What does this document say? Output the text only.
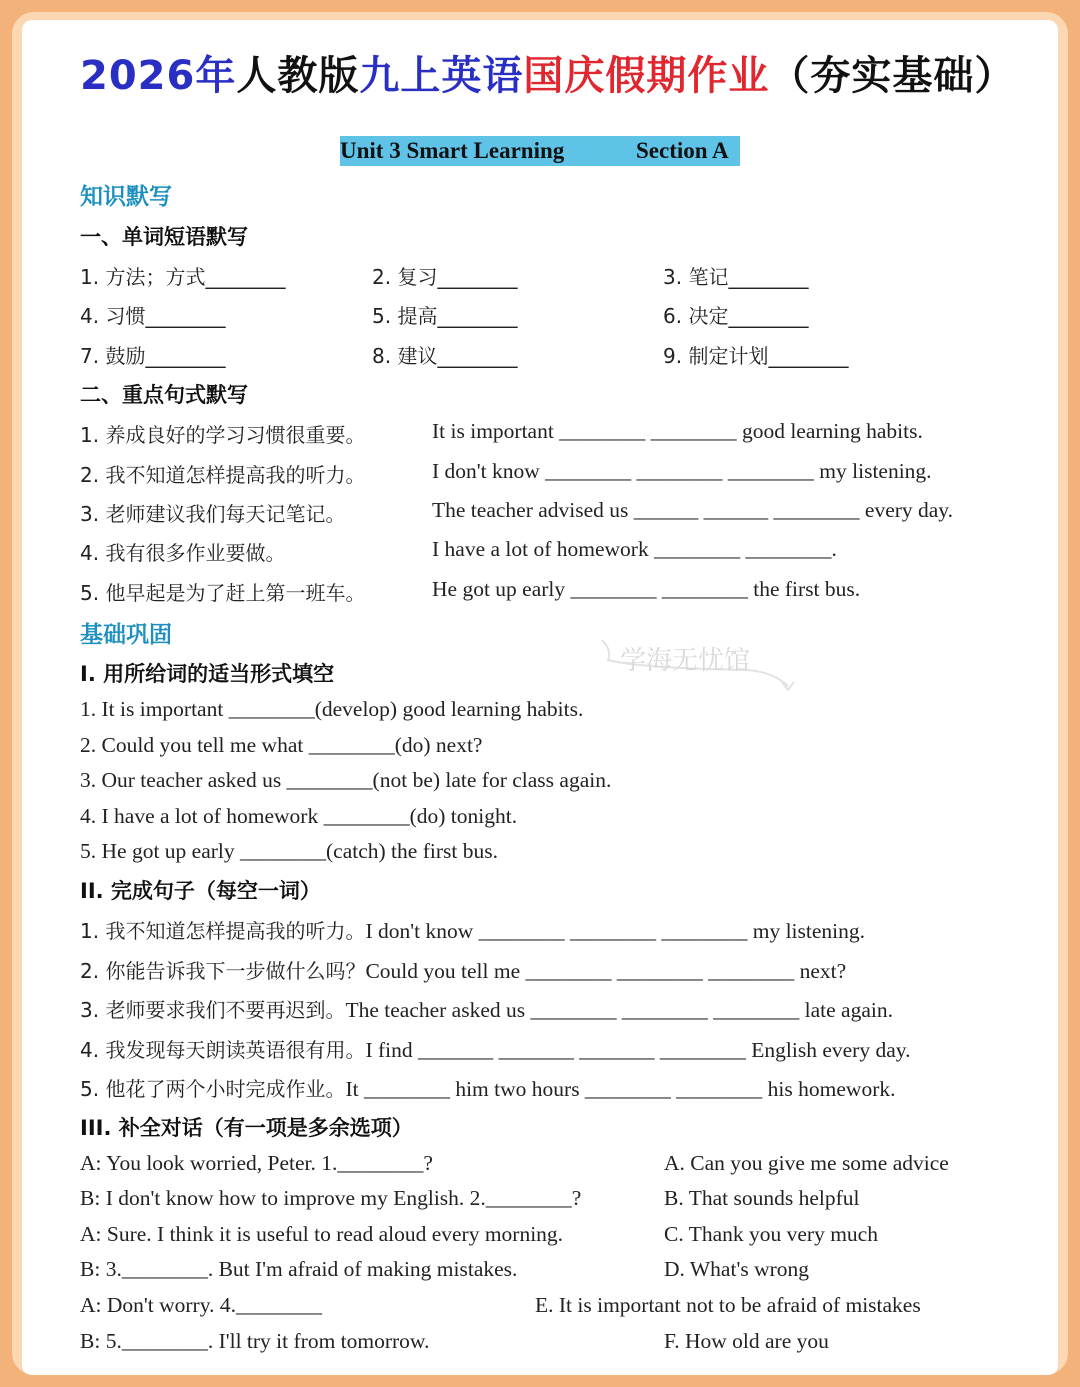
2026年人教版九上英语国庆假期作业（夯实基础）
Unit 3 Smart Learning	Section A
知识默写
一、单词短语默写
1. 方法；方式________	2. 复习________	3. 笔记________
4. 习惯________	5. 提高________	6. 决定________
7. 鼓励________	8. 建议________	9. 制定计划________
二、重点句式默写
1. 养成良好的学习习惯很重要。	It is important ________ ________ good learning habits.
2. 我不知道怎样提高我的听力。	I don't know ________ ________ ________ my listening.
3. 老师建议我们每天记笔记。	The teacher advised us ______ ______ ________ every day.
4. 我有很多作业要做。	I have a lot of homework ________ ________.
5. 他早起是为了赶上第一班车。	He got up early ________ ________ the first bus.
基础巩固
学海无忧馆
I. 用所给词的适当形式填空
1. It is important ________(develop) good learning habits.
2. Could you tell me what ________(do) next?
3. Our teacher asked us ________(not be) late for class again.
4. I have a lot of homework ________(do) tonight.
5. He got up early ________(catch) the first bus.
II. 完成句子（每空一词）
1. 我不知道怎样提高我的听力。I don't know ________ ________ ________ my listening.
2. 你能告诉我下一步做什么吗？Could you tell me ________ ________ ________ next?
3. 老师要求我们不要再迟到。The teacher asked us ________ ________ ________ late again.
4. 我发现每天朗读英语很有用。I find _______ _______ _______ ________ English every day.
5. 他花了两个小时完成作业。It ________ him two hours ________ ________ his homework.
III. 补全对话（有一项是多余选项）
A: You look worried, Peter. 1.________?
B: I don't know how to improve my English. 2.________?
A: Sure. I think it is useful to read aloud every morning.
B: 3.________. But I'm afraid of making mistakes.
A: Don't worry. 4.________
B: 5.________. I'll try it from tomorrow.
A. Can you give me some advice
B. That sounds helpful
C. Thank you very much
D. What's wrong
E. It is important not to be afraid of mistakes
F. How old are you
